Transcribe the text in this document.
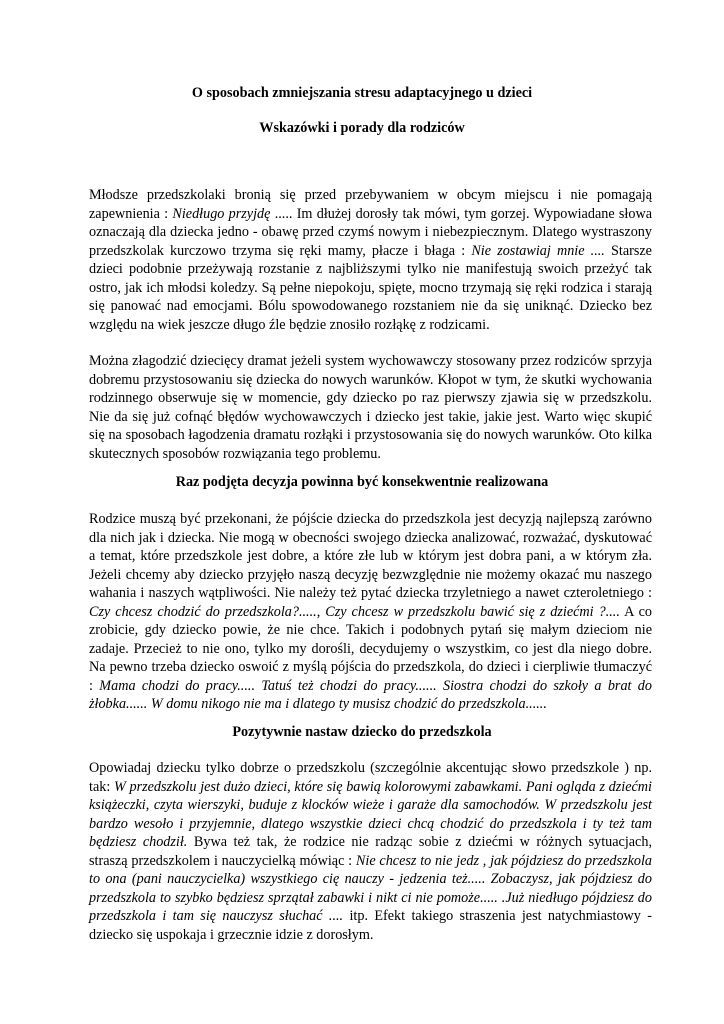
O sposobach zmniejszania stresu adaptacyjnego u dzieci

Wskazówki i porady dla rodziców

Młodsze przedszkolaki bronią się przed przebywaniem w obcym miejscu i nie pomagają zapewnienia : Niedługo przyjdę ..... Im dłużej dorosły tak mówi, tym gorzej. Wypowiadane słowa oznaczają dla dziecka jedno - obawę przed czymś nowym i niebezpiecznym. Dlatego wystraszony przedszkolak kurczowo trzyma się ręki mamy, płacze i błaga : Nie zostawiaj mnie .... Starsze dzieci podobnie przeżywają rozstanie z najbliższymi tylko nie manifestują swoich przeżyć tak ostro, jak ich młodsi koledzy. Są pełne niepokoju, spięte, mocno trzymają się ręki rodzica i starają się panować nad emocjami. Bólu spowodowanego rozstaniem nie da się uniknąć. Dziecko bez względu na wiek jeszcze długo źle będzie znosiło rozłąkę z rodzicami.

Można złagodzić dziecięcy dramat jeżeli system wychowawczy stosowany przez rodziców sprzyja dobremu przystosowaniu się dziecka do nowych warunków. Kłopot w tym, że skutki wychowania rodzinnego obserwuje się w momencie, gdy dziecko po raz pierwszy zjawia się w przedszkolu. Nie da się już cofnąć błędów wychowawczych i dziecko jest takie, jakie jest. Warto więc skupić się na sposobach łagodzenia dramatu rozłąki i przystosowania się do nowych warunków. Oto kilka skutecznych sposobów rozwiązania tego problemu.

Raz podjęta decyzja powinna być konsekwentnie realizowana

Rodzice muszą być przekonani, że pójście dziecka do przedszkola jest decyzją najlepszą zarówno dla nich jak i dziecka. Nie mogą w obecności swojego dziecka analizować, rozważać, dyskutować a temat, które przedszkole jest dobre, a które złe lub w którym jest dobra pani, a w którym zła. Jeżeli chcemy aby dziecko przyjęło naszą decyzję bezwzględnie nie możemy okazać mu naszego wahania i naszych wątpliwości. Nie należy też pytać dziecka trzyletniego a nawet czteroletniego : Czy chcesz chodzić do przedszkola?....., Czy chcesz w przedszkolu bawić się z dziećmi ?.... A co zrobicie, gdy dziecko powie, że nie chce. Takich i podobnych pytań się małym dzieciom nie zadaje. Przecież to nie ono, tylko my dorośli, decydujemy o wszystkim, co jest dla niego dobre. Na pewno trzeba dziecko oswoić z myślą pójścia do przedszkola, do dzieci i cierpliwie tłumaczyć : Mama chodzi do pracy..... Tatuś też chodzi do pracy...... Siostra chodzi do szkoły a brat do żłobka...... W domu nikogo nie ma i dlatego ty musisz chodzić do przedszkola......

Pozytywnie nastaw dziecko do przedszkola

Opowiadaj dziecku tylko dobrze o przedszkolu (szczególnie akcentując słowo przedszkole ) np. tak: W przedszkolu jest dużo dzieci, które się bawią kolorowymi zabawkami. Pani ogląda z dziećmi książeczki, czyta wierszyki, buduje z klocków wieże i garaże dla samochodów. W przedszkolu jest bardzo wesoło i przyjemnie, dlatego wszystkie dzieci chcą chodzić do przedszkola i ty też tam będziesz chodził. Bywa też tak, że rodzice nie radząc sobie z dziećmi w różnych sytuacjach, straszą przedszkolem i nauczycielką mówiąc : Nie chcesz to nie jedz , jak pójdziesz do przedszkola to ona (pani nauczycielka) wszystkiego cię nauczy - jedzenia też..... Zobaczysz, jak pójdziesz do przedszkola to szybko będziesz sprzątał zabawki i nikt ci nie pomoże..... .Już niedługo pójdziesz do przedszkola i tam się nauczysz słuchać .... itp. Efekt takiego straszenia jest natychmiastowy - dziecko się uspokaja i grzecznie idzie z dorosłym.
